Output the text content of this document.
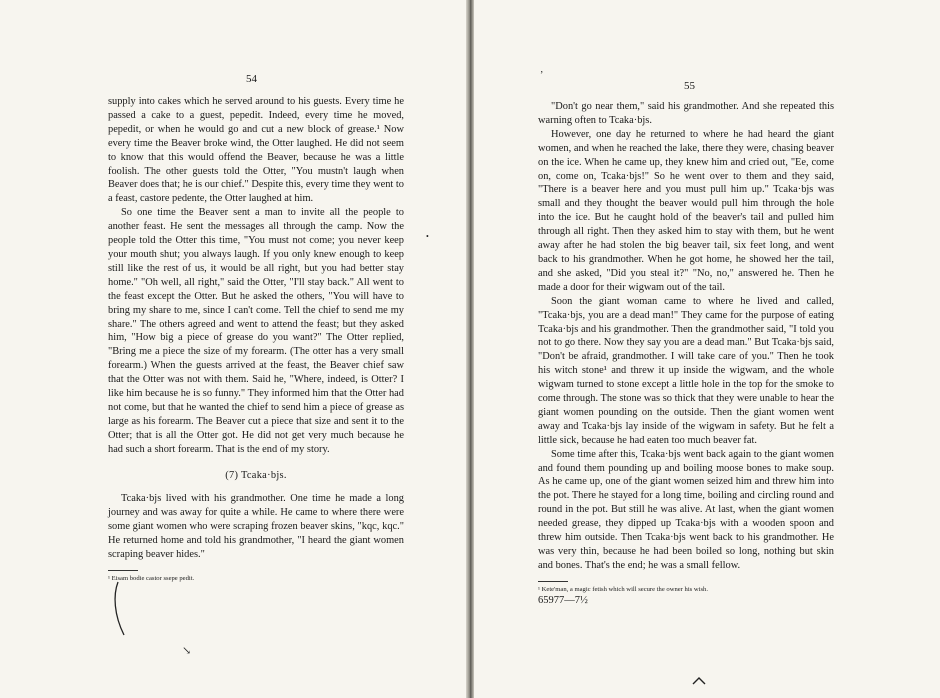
54

supply into cakes which he served around to his guests. Every time he passed a cake to a guest, pepedit. Indeed, every time he moved, pepedit, or when he would go and cut a new block of grease.¹ Now every time the Beaver broke wind, the Otter laughed. He did not seem to know that this would offend the Beaver, because he was a little foolish. The other guests told the Otter, "You mustn't laugh when Beaver does that; he is our chief." Despite this, every time they went to a feast, castore pedente, the Otter laughed at him.

So one time the Beaver sent a man to invite all the people to another feast. He sent the messages all through the camp. Now the people told the Otter this time, "You must not come; you never keep your mouth shut; you always laugh. If you only knew enough to keep still like the rest of us, it would be all right, but you had better stay home." "Oh well, all right," said the Otter, "I'll stay back." All went to the feast except the Otter. But he asked the others, "You will have to bring my share to me, since I can't come. Tell the chief to send me my share." The others agreed and went to attend the feast; but they asked him, "How big a piece of grease do you want?" The Otter replied, "Bring me a piece the size of my forearm. (The otter has a very small forearm.) When the guests arrived at the feast, the Beaver chief saw that the Otter was not with them. Said he, "Where, indeed, is Otter? I like him because he is so funny." They informed him that the Otter had not come, but that he wanted the chief to send him a piece of grease as large as his forearm. The Beaver cut a piece that size and sent it to the Otter; that is all the Otter got. He did not get very much because he had such a short forearm. That is the end of my story.

(7) Tcaka·bjs.

Tcaka·bjs lived with his grandmother. One time he made a long journey and was away for quite a while. He came to where there were some giant women who were scraping frozen beaver skins, "kqc, kqc." He returned home and told his grandmother, "I heard the giant women scraping beaver hides."

¹ Eisam bodie castor ssepe pedit.

↘
•
55

"Don't go near them," said his grandmother. And she repeated this warning often to Tcaka·bjs.

However, one day he returned to where he had heard the giant women, and when he reached the lake, there they were, chasing beaver on the ice. When he came up, they knew him and cried out, "Ee, come on, come on, Tcaka·bjs!" So he went over to them and they said, "There is a beaver here and you must pull him up." Tcaka·bjs was small and they thought the beaver would pull him through the hole into the ice. But he caught hold of the beaver's tail and pulled him through all right. Then they asked him to stay with them, but he went away after he had stolen the big beaver tail, six feet long, and went back to his grandmother. When he got home, he showed her the tail, and she asked, "Did you steal it?" "No, no," answered he. Then he made a door for their wigwam out of the tail.

Soon the giant woman came to where he lived and called, "Tcaka·bjs, you are a dead man!" They came for the purpose of eating Tcaka·bjs and his grandmother. Then the grandmother said, "I told you not to go there. Now they say you are a dead man." But Tcaka·bjs said, "Don't be afraid, grandmother. I will take care of you." Then he took his witch stone¹ and threw it up inside the wigwam, and the whole wigwam turned to stone except a little hole in the top for the smoke to come through. The stone was so thick that they were unable to hear the giant women pounding on the outside. Then the giant women went away and Tcaka·bjs lay inside of the wigwam in safety. But he felt a little sick, because he had eaten too much beaver fat.

Some time after this, Tcaka·bjs went back again to the giant women and found them pounding up and boiling moose bones to make soup. As he came up, one of the giant women seized him and threw him into the pot. There he stayed for a long time, boiling and circling round and round in the pot. But still he was alive. At last, when the giant women needed grease, they dipped up Tcaka·bjs with a wooden spoon and threw him outside. Then Tcaka·bjs went back to his grandmother. He was very thin, because he had been boiled so long, nothing but skin and bones. That's the end; he was a small fellow.

¹ Kete'man, a magic fetish which will secure the owner his wish.

65977—7½

’
